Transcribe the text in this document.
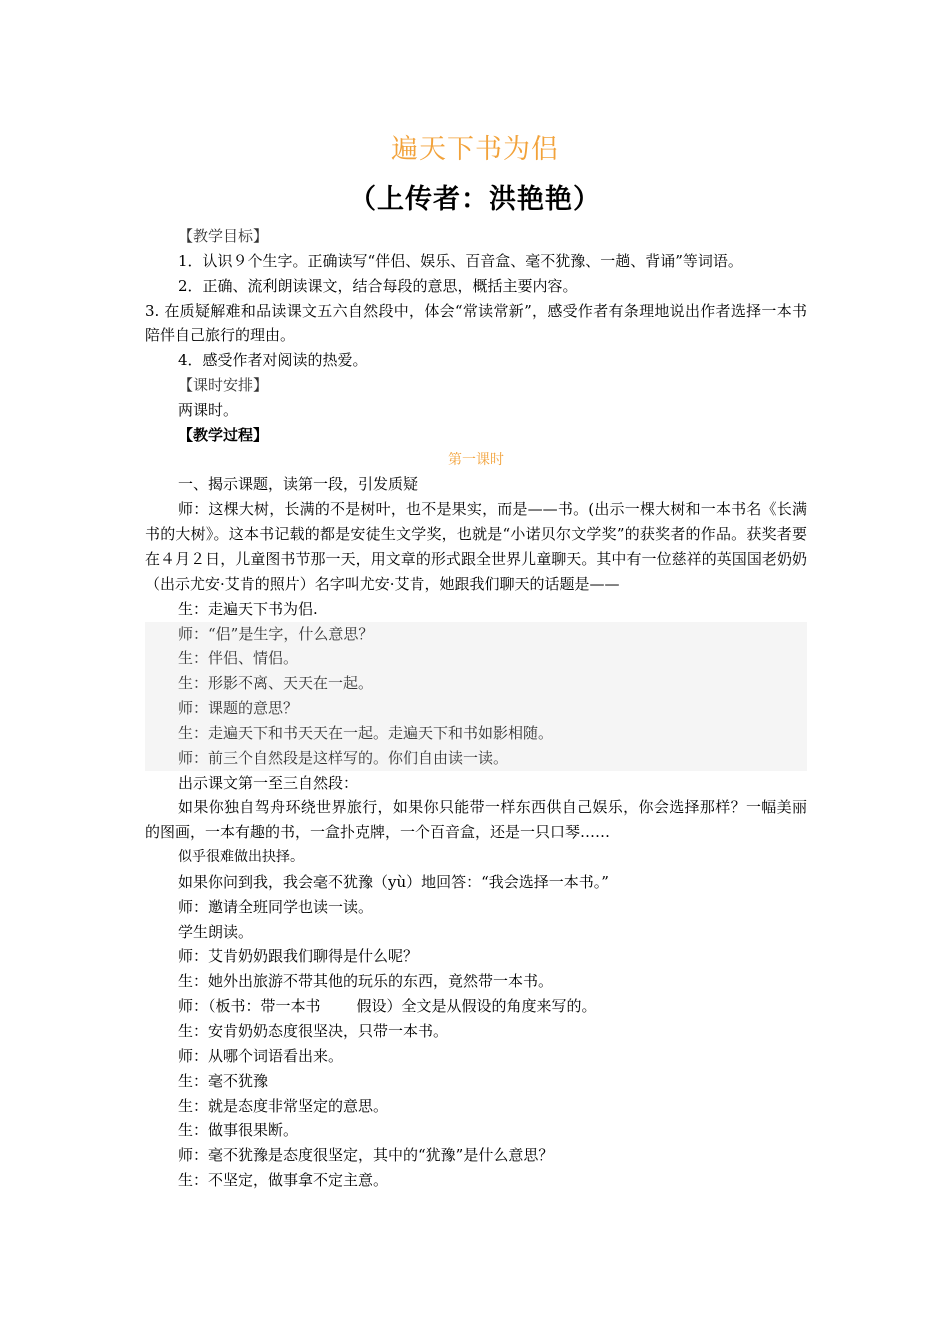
遍天下书为侣
（上传者：洪艳艳）
【教学目标】
1．认识９个生字。正确读写“伴侣、娱乐、百音盒、毫不犹豫、一趟、背诵”等词语。
2．正确、流利朗读课文，结合每段的意思，概括主要内容。
3. 在质疑解难和品读课文五六自然段中，体会“常读常新”，感受作者有条理地说出作者选择一本书陪伴自己旅行的理由。
4．感受作者对阅读的热爱。
【课时安排】
两课时。
【教学过程】
第一课时
一、揭示课题，读第一段，引发质疑
师：这棵大树，长满的不是树叶，也不是果实，而是——书。(出示一棵大树和一本书名《长满书的大树》。这本书记载的都是安徒生文学奖，也就是“小诺贝尔文学奖”的获奖者的作品。获奖者要在４月２日，儿童图书节那一天，用文章的形式跟全世界儿童聊天。其中有一位慈祥的英国国老奶奶（出示尤安·艾肯的照片）名字叫尤安·艾肯，她跟我们聊天的话题是——
生：走遍天下书为侣.
师：“侣”是生字，什么意思？
生：伴侣、情侣。
生：形影不离、天天在一起。
师：课题的意思？
生：走遍天下和书天天在一起。走遍天下和书如影相随。
师：前三个自然段是这样写的。你们自由读一读。
出示课文第一至三自然段：
如果你独自驾舟环绕世界旅行，如果你只能带一样东西供自己娱乐，你会选择那样？一幅美丽的图画，一本有趣的书，一盒扑克牌，一个百音盒，还是一只口琴……
似乎很难做出抉择。
如果你问到我，我会毫不犹豫（yù）地回答：“我会选择一本书。”
师：邀请全班同学也读一读。
学生朗读。
师：艾肯奶奶跟我们聊得是什么呢？
生：她外出旅游不带其他的玩乐的东西，竟然带一本书。
师：（板书：带一本书 假设）全文是从假设的角度来写的。
生：安肯奶奶态度很坚决，只带一本书。
师：从哪个词语看出来。
生：毫不犹豫
生：就是态度非常坚定的意思。
生：做事很果断。
师：毫不犹豫是态度很坚定，其中的“犹豫”是什么意思？
生：不坚定，做事拿不定主意。
